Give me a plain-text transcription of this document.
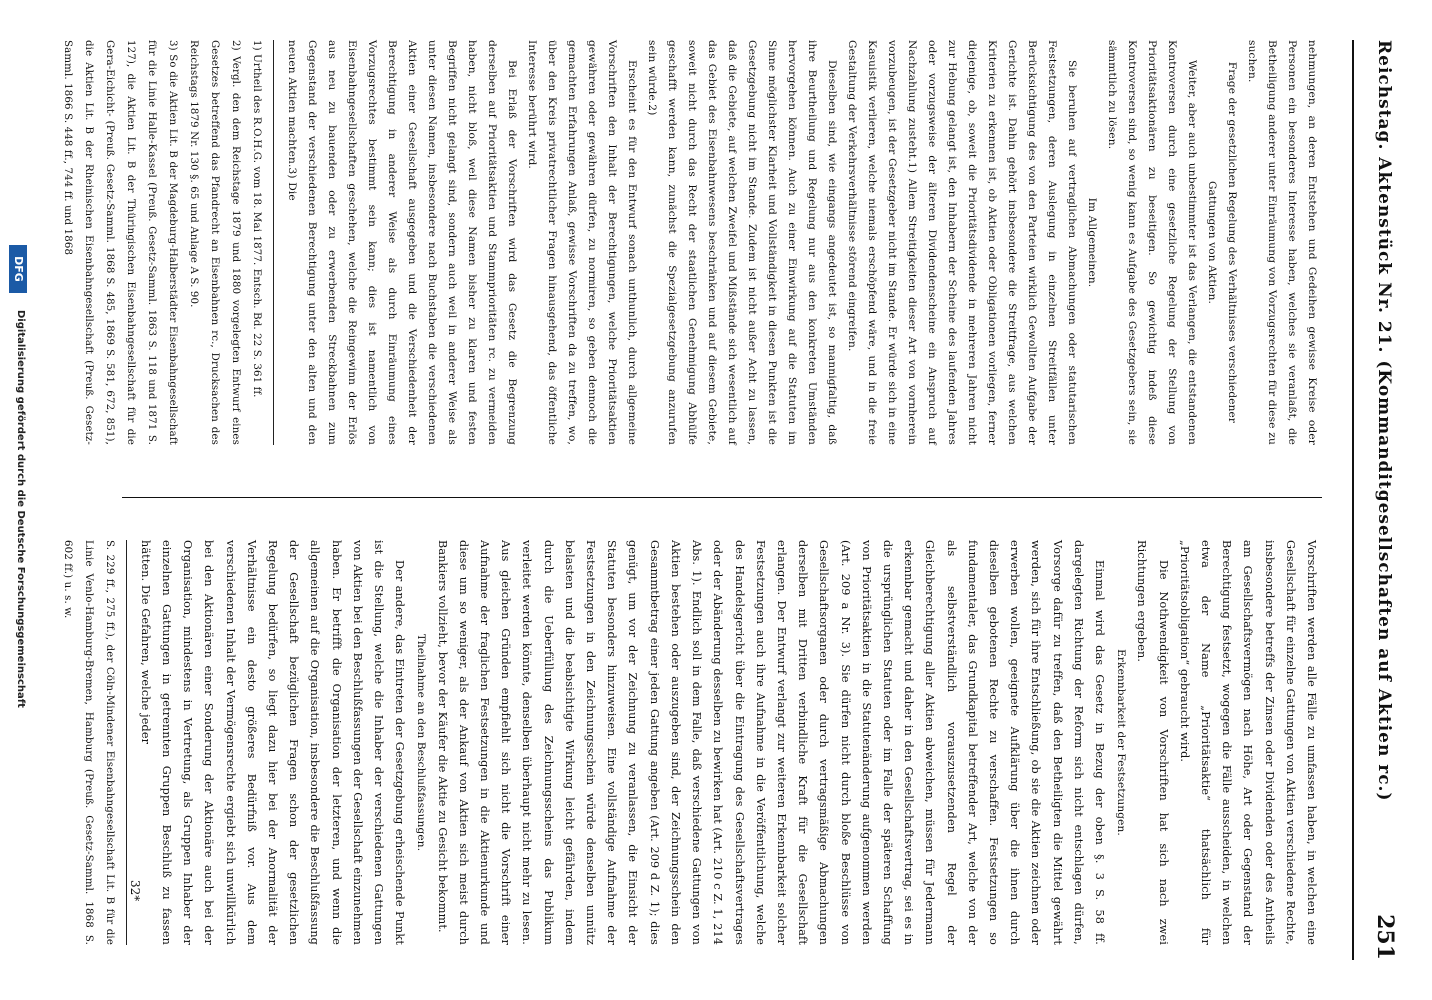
Reichstag. Aktenstück Nr. 21. (Kommanditgesellschaften auf Aktien rc.)
251

nehmungen, an deren Entstehen und Gedeihen gewisse Kreise oder Personen ein besonderes Interesse haben, welches sie veranlaßt, die Betheiligung anderer unter Einräumung von Vorzugsrechten für diese zu suchen.

Frage der gesetzlichen Regelung des Verhältnisses verschiedener Gattungen von Aktien.

Weiter, aber auch unbestimmter ist das Verlangen, die entstandenen Kontroversen durch eine gesetzliche Regelung der Stellung von Prioritätsaktionären zu beseitigen. So gewichtig indeß diese Kontroversen sind, so wenig kann es Aufgabe des Gesetzgebers sein, sie sämmtlich zu lösen.

Im Allgemeinen.

Sie beruhen auf vertraglichen Abmachungen oder statutarischen Festsetzungen, deren Auslegung in einzelnen Streitfällen unter Berücksichtigung des von den Parteien wirklich Gewollten Aufgabe der Gerichte ist. Dahin gehört insbesondere die Streitfrage, aus welchen Kriterien zu erkennen ist, ob Aktien oder Obligationen vorliegen, ferner diejenige, ob, soweit die Prioritätsdividende in mehreren Jahren nicht zur Hebung gelangt ist, den Inhabern der Scheine des laufenden Jahres oder vorzugsweise der älteren Dividendenscheine ein Anspruch auf Nachzahlung zusteht.1) Allem Streitigkeiten dieser Art von vornherein vorzubeugen, ist der Gesetzgeber nicht im Stande. Er würde sich in eine Kasuistik verlieren, welche niemals erschöpfend wäre, und in die freie Gestaltung der Verkehrsverhältnisse störend eingreifen.

Dieselben sind, wie eingangs angedeutet ist, so mannigfaltig, daß ihre Beurtheilung und Regelung nur aus den konkreten Umständen hervorgehen können. Auch zu einer Einwirkung auf die Statuten im Sinne möglichster Klarheit und Vollständigkeit in diesen Punkten ist die Gesetzgebung nicht im Stande. Zudem ist nicht außer Acht zu lassen, daß die Gebiete, auf welchen Zweifel und Mißstände sich wesentlich auf das Gebiet des Eisenbahnwesens beschränken und auf diesem Gebiete, soweit nicht durch das Recht der staatlichen Genehmigung Abhülfe geschafft werden kann, zunächst die Spezialgesetzgebung anzurufen sein würde.2)

Erscheint es für den Entwurf sonach unthunlich, durch allgemeine Vorschriften den Inhalt der Berechtigungen, welche Prioritätsaktien gewähren oder gewähren dürfen, zu normiren, so geben dennoch die gemachten Erfahrungen Anlaß, gewisse Vorschriften da zu treffen, wo, über den Kreis privatrechtlicher Fragen hinausgehend, das öffentliche Interesse berührt wird.

Bei Erlaß der Vorschriften wird das Gesetz die Begrenzung derselben auf Prioritätsaktien und Stammprioritäten rc. zu vermeiden haben, nicht bloß, weil diese Namen bisher zu klaren und festen Begriffen nicht gelangt sind, sondern auch weil in anderer Weise als unter diesen Namen, insbesondere nach Buchstaben die verschiedenen Aktien einer Gesellschaft ausgegeben und die Verschiedenheit der Berechtigung in anderer Weise als durch Einräumung eines Vorzugsrechtes bestimmt sein kann; dies ist namentlich von Eisenbahngesellschaften geschehen, welche die Reingewinn der Erlös aus neu zu bauenden oder zu erwerbenden Streckbahnen zum Gegenstand der verschiedenen Berechtigung unter den alten und den neuen Aktien machten.3) Die

1) Urtheil des R.O.H.G. vom 18. Mai 1877. Entsch. Bd. 22 S. 361 ff.

2) Vergl. den dem Reichstage 1879 und 1880 vorgelegten Entwurf eines Gesetzes betreffend das Pfandrecht an Eisenbahnen rc., Drucksachen des Reichstags 1879 Nr. 130 §. 65 und Anlage A S. 90.

3) So die Aktien Lit. B der Magdeburg-Halberstädter Eisenbahngesellschaft für die Linie Halle-Kassel (Preuß. Gesetz-Samml. 1863 S. 118 und 1871 S. 127), die Aktien Lit. B der Thüringischen Eisenbahngesellschaft für die Gera-Eichicht- (Preuß. Gesetz-Samml. 1868 S. 485, 1869 S. 581, 672, 851), die Aktien Lit. B der Rheinischen Eisenbahngesellschaft (Preuß. Gesetz-Samml. 1866 S. 448 ff., 744 ff. und 1868

Vorschriften werden alle Fälle zu umfassen haben, in welchen eine Gesellschaft für einzelne Gattungen von Aktien verschiedene Rechte, insbesondere betreffs der Zinsen oder Dividenden oder des Antheils am Gesellschaftsvermögen nach Höhe, Art oder Gegenstand der Berechtigung festsetzt, wogegen die Fälle ausscheiden, in welchen etwa der Name „Prioritätsaktie“ thatsächlich für „Prioritätsobligation“ gebraucht wird.

Die Nothwendigkeit von Vorschriften hat sich nach zwei Richtungen ergeben.

Erkennbarkeit der Festsetzungen.

Einmal wird das Gesetz in Bezug der oben §. 3 S. 58 ff. dargelegten Richtung der Reform sich nicht entschlagen dürfen, Vorsorge dafür zu treffen, daß den Betheiligten die Mittel gewährt werden, sich für ihre Entschließung, ob sie die Aktien zeichnen oder erwerben wollen, geeignete Aufklärung über die ihnen durch dieselben gebotenen Rechte zu verschaffen. Festsetzungen so fundamentaler, das Grundkapital betreffender Art, welche von der als selbstverständlich vorauszusetzenden Regel der Gleichberechtigung aller Aktien abweichen, müssen für Jedermann erkennbar gemacht und daher in den Gesellschaftsvertrag, sei es in die ursprünglichen Statuten oder im Falle der späteren Schaffung von Prioritätsaktien in die Statutenänderung aufgenommen werden (Art. 209 a Nr. 3). Sie dürfen nicht durch bloße Beschlüsse von Gesellschaftsorganen oder durch vertragsmäßige Abmachungen derselben mit Dritten verbindliche Kraft für die Gesellschaft erlangen. Der Entwurf verlangt zur weiteren Erkennbarkeit solcher Festsetzungen auch ihre Aufnahme in die Veröffentlichung, welche des Handelsgericht über die Eintragung des Gesellschaftsvertrages oder der Abänderung desselben zu bewirken hat (Art. 210 c Z. 1, 214 Abs. 1). Endlich soll in dem Falle, daß verschiedene Gattungen von Aktien bestehen oder auszugeben sind, der Zeichnungsschein den Gesammtbetrag einer jeden Gattung angeben (Art. 209 d Z. 1); dies genügt, um vor der Zeichnung zu veranlassen, die Einsicht der Statuten besonders hinzuweisen. Eine vollständige Aufnahme der Festsetzungen in den Zeichnungsschein würde denselben unnütz belasten und die beabsichtigte Wirkung leicht gefährden, indem durch die Ueberfüllung des Zeichnungsscheins das Publikum verleitet werden könnte, denselben überhaupt nicht mehr zu lesen. Aus gleichen Gründen empfiehlt sich nicht die Vorschrift einer Aufnahme der fraglichen Festsetzungen in die Aktienurkunde und diese um so weniger, als der Ankauf von Aktien sich meist durch Bankiers vollzieht, bevor der Käufer die Aktie zu Gesicht bekommt.

Theilnahme an den Beschlußfassungen.

Der andere, das Eintreten der Gesetzgebung erheischende Punkt ist die Stellung, welche die Inhaber der verschiedenen Gattungen von Aktien bei den Beschlußfassungen der Gesellschaft einzunehmen haben. Er betrifft die Organisation der letzteren, und wenn die allgemeinen auf die Organisation, insbesondere die Beschlußfassung der Gesellschaft bezüglichen Fragen schon der gesetzlichen Regelung bedürfen, so liegt dazu hier bei der Anormalität der Verhältnisse ein desto größeres Bedürfniß vor. Aus dem verschiedenen Inhalt der Vermögensrechte ergiebt sich unwillkürlich bei den Aktionären einer Sonderung der Aktionäre auch bei der Organisation, mindestens in Vertretung, als Gruppen Inhaber der einzelnen Gattungen in getrennten Gruppen Beschluß zu fassen hätten. Die Gefahren, welche jeder

S. 229 ff., 275 ff.), der Cöln-Mindener Eisenbahngesellschaft Lit. B für die Linie Venlo-Hamburg-Bremen, Hamburg (Preuß. Gesetz-Samml. 1868 S. 602 ff.) u. s. w.

32*
DFG
Digitalisierung gefördert durch die Deutsche Forschungsgemeinschaft
